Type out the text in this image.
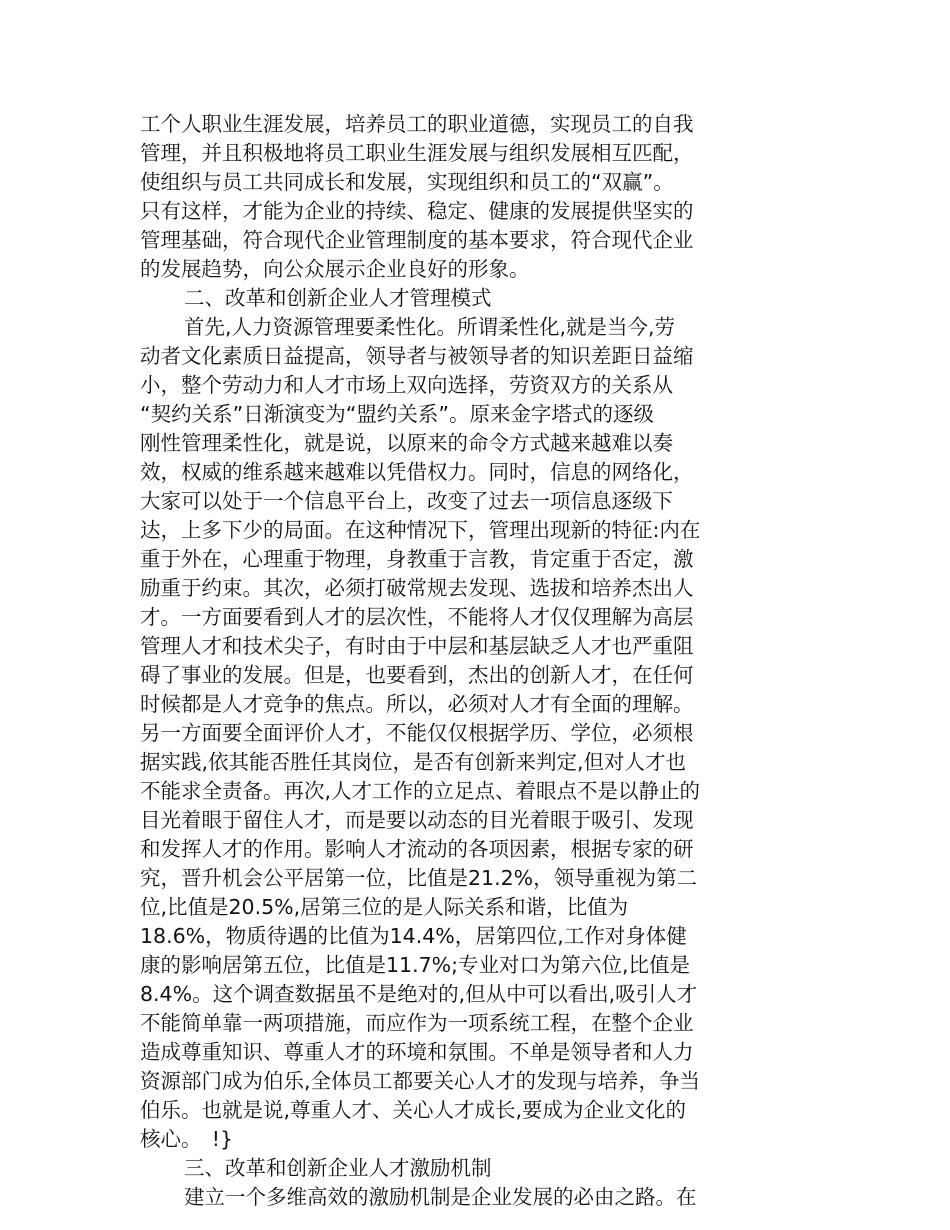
工个人职业生涯发展，培养员工的职业道德，实现员工的自我
管理，并且积极地将员工职业生涯发展与组织发展相互匹配，
使组织与员工共同成长和发展，实现组织和员工的“双赢”。
只有这样，才能为企业的持续、稳定、健康的发展提供坚实的
管理基础，符合现代企业管理制度的基本要求，符合现代企业
的发展趋势，向公众展示企业良好的形象。
二、改革和创新企业人才管理模式
首先,人力资源管理要柔性化。所谓柔性化,就是当今,劳
动者文化素质日益提高，领导者与被领导者的知识差距日益缩
小，整个劳动力和人才市场上双向选择，劳资双方的关系从
“契约关系”日渐演变为“盟约关系”。原来金字塔式的逐级
刚性管理柔性化，就是说，以原来的命令方式越来越难以奏
效，权威的维系越来越难以凭借权力。同时，信息的网络化，
大家可以处于一个信息平台上，改变了过去一项信息逐级下
达，上多下少的局面。在这种情况下，管理出现新的特征:内在
重于外在，心理重于物理，身教重于言教，肯定重于否定，激
励重于约束。其次，必须打破常规去发现、选拔和培养杰出人
才。一方面要看到人才的层次性，不能将人才仅仅理解为高层
管理人才和技术尖子，有时由于中层和基层缺乏人才也严重阻
碍了事业的发展。但是，也要看到，杰出的创新人才，在任何
时候都是人才竞争的焦点。所以，必须对人才有全面的理解。
另一方面要全面评价人才，不能仅仅根据学历、学位，必须根
据实践,依其能否胜任其岗位，是否有创新来判定,但对人才也
不能求全责备。再次,人才工作的立足点、着眼点不是以静止的
目光着眼于留住人才，而是要以动态的目光着眼于吸引、发现
和发挥人才的作用。影响人才流动的各项因素，根据专家的研
究，晋升机会公平居第一位，比值是21.2%，领导重视为第二
位,比值是20.5%,居第三位的是人际关系和谐，比值为
18.6%，物质待遇的比值为14.4%，居第四位,工作对身体健
康的影响居第五位，比值是11.7%;专业对口为第六位,比值是
8.4%。这个调查数据虽不是绝对的,但从中可以看出,吸引人才
不能简单靠一两项措施，而应作为一项系统工程，在整个企业
造成尊重知识、尊重人才的环境和氛围。不单是领导者和人力
资源部门成为伯乐,全体员工都要关心人才的发现与培养，争当
伯乐。也就是说,尊重人才、关心人才成长,要成为企业文化的
核心。　!}
三、改革和创新企业人才激励机制
建立一个多维高效的激励机制是企业发展的必由之路。在
